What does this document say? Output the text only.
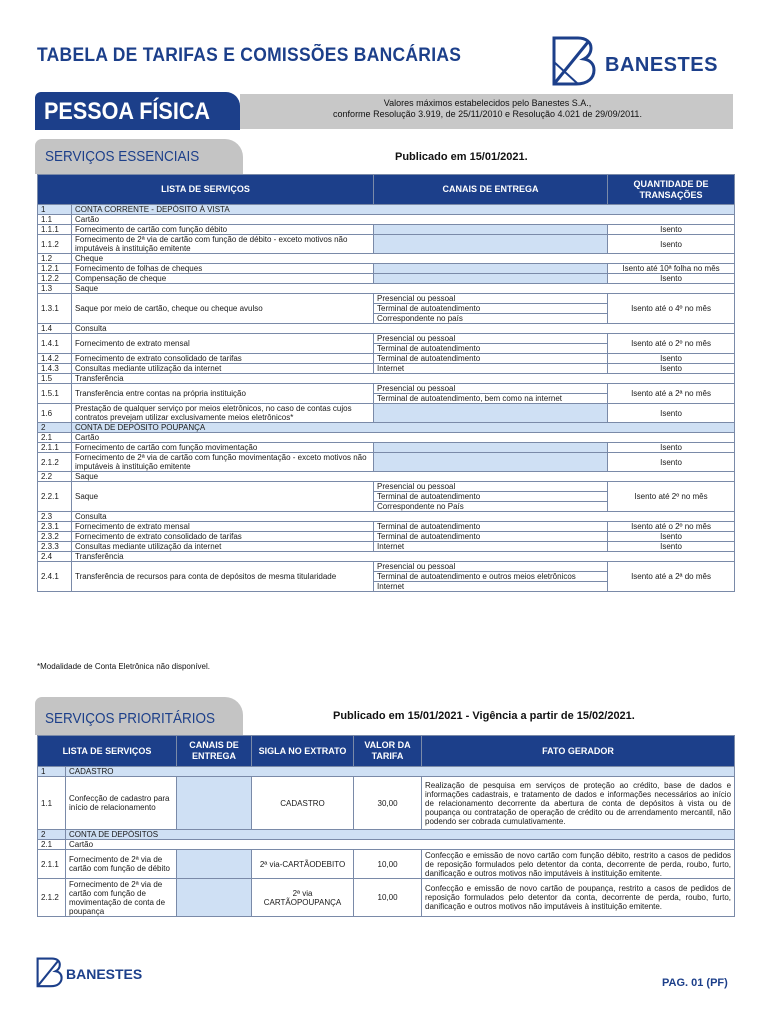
TABELA DE TARIFAS E COMISSÕES BANCÁRIAS	BANESTES
Valores máximos estabelecidos pelo Banestes S.A.,
conforme Resolução 3.919, de 25/11/2010 e Resolução 4.021 de 29/09/2011.
PESSOA FÍSICA
SERVIÇOS ESSENCIAIS	Publicado em 15/01/2021.
LISTA DE SERVIÇOS		CANAIS DE ENTREGA	QUANTIDADE DE TRANSAÇÕES
1	CONTA CORRENTE - DEPÓSITO À VISTA		
1.1	Cartão		
1.1.1	Fornecimento de cartão com função débito		Isento
1.1.2	Fornecimento de 2ª via de cartão com função de débito - exceto motivos não imputáveis à instituição emitente		Isento
1.2	Cheque		
1.2.1	Fornecimento de folhas de cheques		Isento até 10ª folha no mês
1.2.2	Compensação de cheque		Isento
1.3	Saque		
1.3.1	Saque por meio de cartão, cheque ou cheque avulso	Presencial ou pessoal	Isento até o 4º no mês
		Terminal de autoatendimento	
		Correspondente no país	
1.4	Consulta		
1.4.1	Fornecimento de extrato mensal	Presencial ou pessoal	Isento até o 2º no mês
		Terminal de autoatendimento	
1.4.2	Fornecimento de extrato consolidado de tarifas	Terminal de autoatendimento	Isento
1.4.3	Consultas mediante utilização da internet	Internet	Isento
1.5	Transferência		
1.5.1	Transferência entre contas na própria instituição	Presencial ou pessoal	Isento até a 2ª no mês
		Terminal de autoatendimento, bem como na internet	
1.6	Prestação de qualquer serviço por meios eletrônicos, no caso de contas cujos contratos prevejam utilizar exclusivamente meios eletrônicos*		Isento
2	CONTA DE DEPÓSITO POUPANÇA		
2.1	Cartão		
2.1.1	Fornecimento de cartão com função movimentação		Isento
2.1.2	Fornecimento de 2ª via de cartão com função movimentação - exceto motivos não imputáveis à instituição emitente		Isento
2.2	Saque		
2.2.1	Saque	Presencial ou pessoal	Isento até 2º no mês
		Terminal de autoatendimento	
		Correspondente no País	
2.3	Consulta		
2.3.1	Fornecimento de extrato mensal	Terminal de autoatendimento	Isento até o 2º no mês
2.3.2	Fornecimento de extrato consolidado de tarifas	Terminal de autoatendimento	Isento
2.3.3	Consultas mediante utilização da internet	Internet	Isento
2.4	Transferência		
2.4.1	Transferência de recursos para conta de depósitos de mesma titularidade	Presencial ou pessoal	Isento até a 2ª do mês
		Terminal de autoatendimento e outros meios eletrônicos	
		Internet	
*Modalidade de Conta Eletrônica não disponível.
SERVIÇOS PRIORITÁRIOS	Publicado em 15/01/2021 - Vigência a partir de 15/02/2021.
LISTA DE SERVIÇOS		CANAIS DE ENTREGA	SIGLA NO EXTRATO	VALOR DA TARIFA	FATO GERADOR
1	CADASTRO				
1.1	Confecção de cadastro para início de relacionamento		CADASTRO	30,00	Realização de pesquisa em serviços de proteção ao crédito, base de dados e informações cadastrais, e tratamento de dados e informações necessários ao início de relacionamento decorrente da abertura de conta de depósitos à vista ou de poupança ou contratação de operação de crédito ou de arrendamento mercantil, não podendo ser cobrada cumulativamente.
2	CONTA DE DEPÓSITOS				
2.1	Cartão				
2.1.1	Fornecimento de 2ª via de cartão com função de débito		2ª via-CARTÃODEBITO	10,00	Confecção e emissão de novo cartão com função débito, restrito a casos de pedidos de reposição formulados pelo detentor da conta, decorrente de perda, roubo, furto, danificação e outros motivos não imputáveis à instituição emitente.
2.1.2	Fornecimento de 2ª via de cartão com função de movimentação de conta de poupança		2ª via CARTÃOPOUPANÇA	10,00	Confecção e emissão de novo cartão de poupança, restrito a casos de pedidos de reposição formulados pelo detentor da conta, decorrente de perda, roubo, furto, danificação e outros motivos não imputáveis à instituição emitente.
BANESTES
PAG. 01 (PF)
